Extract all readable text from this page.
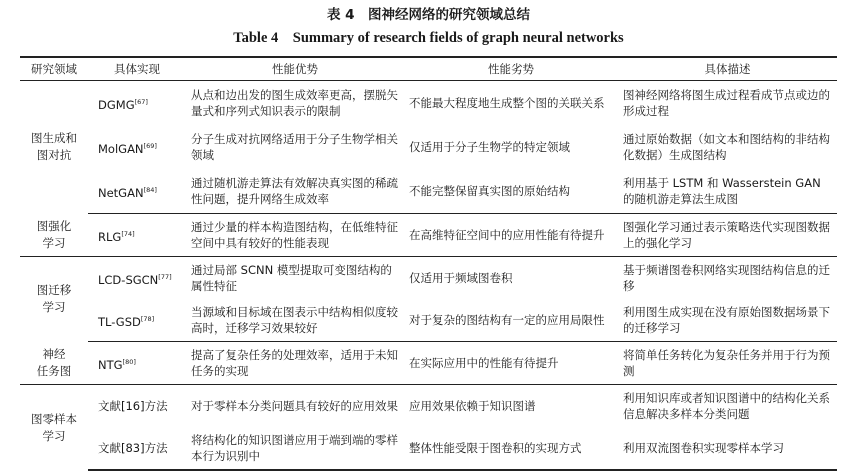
表 4　图神经网络的研究领域总结
Table 4　Summary of research fields of graph neural networks
研究领域	具体实现	性能优势	性能劣势	具体描述
图生成和
图对抗	DGMG[67]	从点和边出发的图生成效率更高，摆脱矢量式和序列式知识表示的限制	不能最大程度地生成整个图的关联关系	图神经网络将图生成过程看成节点或边的形成过程
	MolGAN[69]	分子生成对抗网络适用于分子生物学相关领域	仅适用于分子生物学的特定领域	通过原始数据（如文本和图结构的非结构化数据）生成图结构
	NetGAN[84]	通过随机游走算法有效解决真实图的稀疏性问题，提升网络生成效率	不能完整保留真实图的原始结构	利用基于 LSTM 和 Wasserstein GAN 的随机游走算法生成图
图强化
学习	RLG[74]	通过少量的样本构造图结构，在低维特征空间中具有较好的性能表现	在高维特征空间中的应用性能有待提升	图强化学习通过表示策略迭代实现图数据上的强化学习
图迁移
学习	LCD-SGCN[77]	通过局部 SCNN 模型提取可变图结构的属性特征	仅适用于频域图卷积	基于频谱图卷积网络实现图结构信息的迁移
	TL-GSD[78]	当源域和目标域在图表示中结构相似度较高时，迁移学习效果较好	对于复杂的图结构有一定的应用局限性	利用图生成实现在没有原始图数据场景下的迁移学习
神经
任务图	NTG[80]	提高了复杂任务的处理效率，适用于未知任务的实现	在实际应用中的性能有待提升	将简单任务转化为复杂任务并用于行为预测
图零样本
学习	文献[16]方法	对于零样本分类问题具有较好的应用效果	应用效果依赖于知识图谱	利用知识库或者知识图谱中的结构化关系信息解决多样本分类问题
	文献[83]方法	将结构化的知识图谱应用于端到端的零样本行为识别中	整体性能受限于图卷积的实现方式	利用双流图卷积实现零样本学习
